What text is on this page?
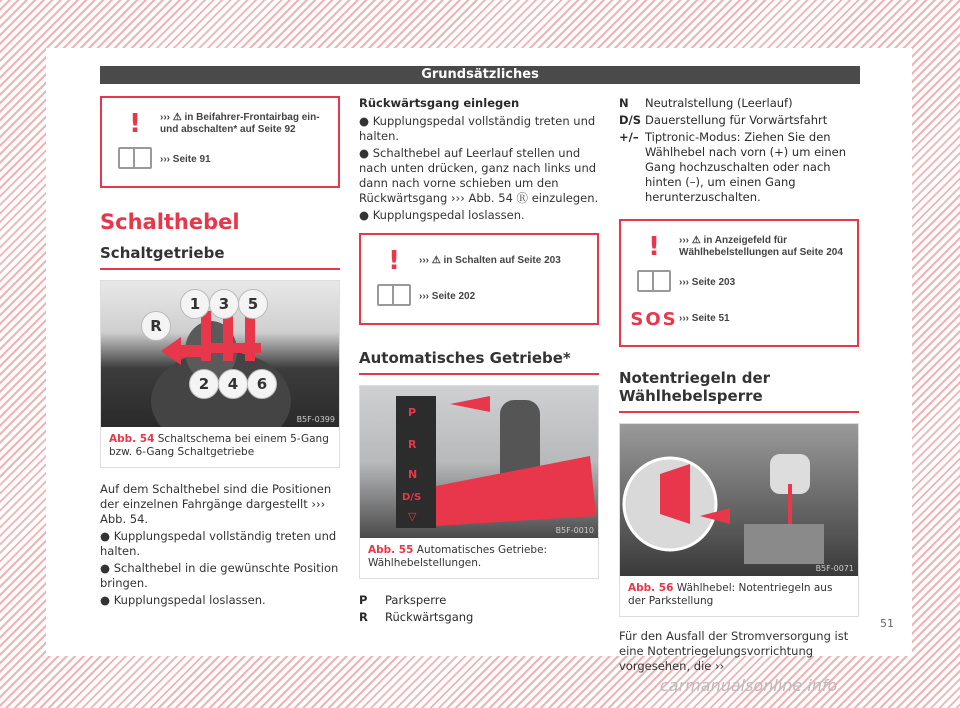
Grundsätzliches
!	››› ⚠ in Beifahrer-Frontairbag ein- und abschalten* auf Seite 92
››› Seite 91
Schalthebel
Schaltgetriebe
1	3	5
R
2	4	6
B5F-0399
Abb. 54 Schaltschema bei einem 5-Gang bzw. 6-Gang Schaltgetriebe

Auf dem Schalthebel sind die Positionen der einzelnen Fahrgänge dargestellt ››› Abb. 54.

● Kupplungspedal vollständig treten und halten.

● Schalthebel in die gewünschte Position bringen.

● Kupplungspedal loslassen.

Rückwärtsgang einlegen

● Kupplungspedal vollständig treten und halten.

● Schalthebel auf Leerlauf stellen und nach unten drücken, ganz nach links und dann nach vorne schieben um den Rückwärtsgang ››› Abb. 54 Ⓡ einzulegen.

● Kupplungspedal loslassen.

!	››› ⚠ in Schalten auf Seite 203
››› Seite 202
Automatisches Getriebe*
P
R
N
D/S
▽
B5F-0010
Abb. 55 Automatisches Getriebe: Wählhebelstellungen.
P	Parksperre
R	Rückwärtsgang
N	Neutralstellung (Leerlauf)
D/S Dauerstellung für Vorwärtsfahrt
+/– Tiptronic-Modus: Ziehen Sie den Wählhebel nach vorn (+) um einen Gang hochzuschalten oder nach hinten (–), um einen Gang herunterzuschalten.
!	››› ⚠ in Anzeigefeld für Wählhebelstellungen auf Seite 204
››› Seite 203
SOS ››› Seite 51
Notentriegeln der Wählhebelsperre
B5F-0071
Abb. 56 Wählhebel: Notentriegeln aus der Parkstellung
Für den Ausfall der Stromversorgung ist eine Notentriegelungsvorrichtung vorgesehen, die ››
51
carmanualsonline.info
